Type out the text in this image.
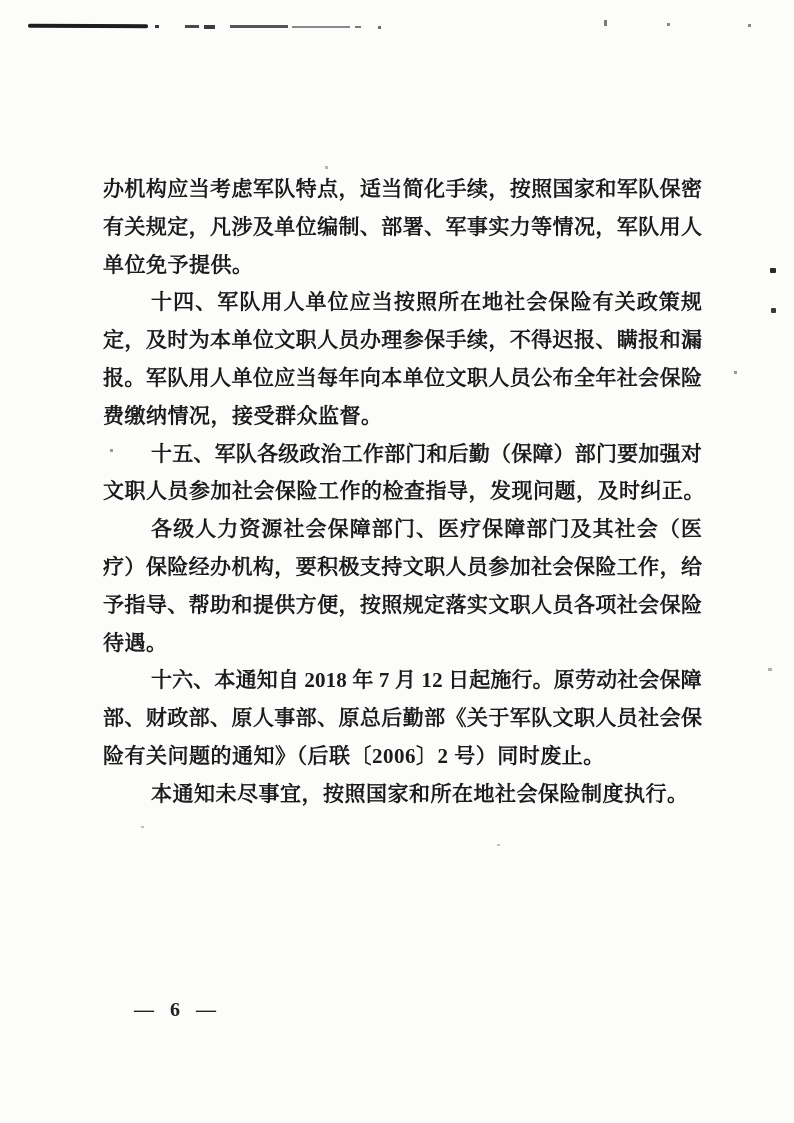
办 机 构 应 当 考 虑 军 队 特 点 ， 适 当 简 化 手 续 ， 按 照 国 家 和 军 队 保 密
有 关 规 定 ， 凡 涉 及 单 位 编 制 、 部 署 、 军 事 实 力 等 情 况 ， 军 队 用 人
单位免予提供。
十 四 、 军 队 用 人 单 位 应 当 按 照 所 在 地 社 会 保 险 有 关 政 策 规
定 ， 及 时 为 本 单 位 文 职 人 员 办 理 参 保 手 续 ， 不 得 迟 报 、 瞒 报 和 漏
报 。 军 队 用 人 单 位 应 当 每 年 向 本 单 位 文 职 人 员 公 布 全 年 社 会 保 险
费缴纳情况，接受群众监督。
十 五 、 军 队 各 级 政 治 工 作 部 门 和 后 勤 （ 保 障 ） 部 门 要 加 强 对
文职人员参加社会保险工作的检查指导，发现问题，及时纠正。
各 级 人 力 资 源 社 会 保 障 部 门 、 医 疗 保 障 部 门 及 其 社 会 （ 医
疗 ） 保 险 经 办 机 构 ， 要 积 极 支 持 文 职 人 员 参 加 社 会 保 险 工 作 ， 给
予 指 导 、 帮 助 和 提 供 方 便 ， 按 照 规 定 落 实 文 职 人 员 各 项 社 会 保 险
待遇。
十 六 、 本 通 知 自
2 0 1 8
年
7
月
1 2
日 起 施 行 。 原 劳 动 社 会 保 障
部 、 财 政 部 、 原 人 事 部 、 原 总 后 勤 部 《 关 于 军 队 文 职 人 员 社 会 保
险有关问题的通知》（后联〔2006〕2 号）同时废止。
本通知未尽事宜，按照国家和所在地社会保险制度执行。
— 6 —
